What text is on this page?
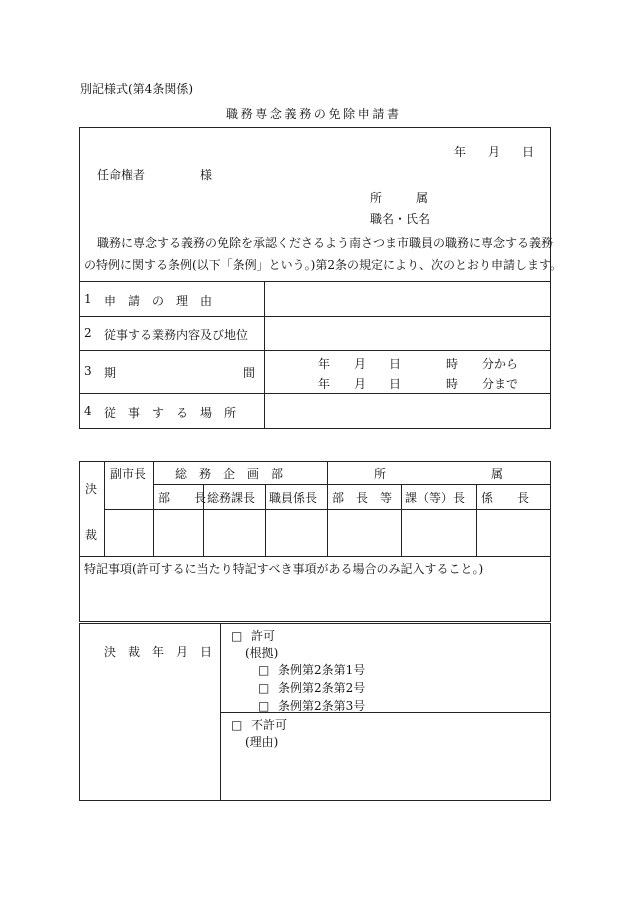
別記様式(第4条関係)
職務専念義務の免除申請書
年 月 日
任命権者	様
所	属
職名・氏名
職務に専念する義務の免除を承認くださるよう南さつま市職員の職務に専念する義務
の特例に関する条例(以下「条例」という。)第2条の規定により、次のとおり申請します。
1 申　請　の　理　由
2 従事する業務内容及び地位
3 期	間
年 月 日	時 分から
年 月 日	時 分まで
4 従　事　す　る　場　所
決
裁
副市長 総　務　企　画　部	所	属
部　　長 総務課長 職員係長 部　長　等 課（等）長 係　　長
特記事項(許可するに当たり特記すべき事項がある場合のみ記入すること。)
決　裁　年　月　日
□ 許可
(根拠)
□ 条例第2条第1号
□ 条例第2条第2号
□ 条例第2条第3号
□ 不許可
(理由)
